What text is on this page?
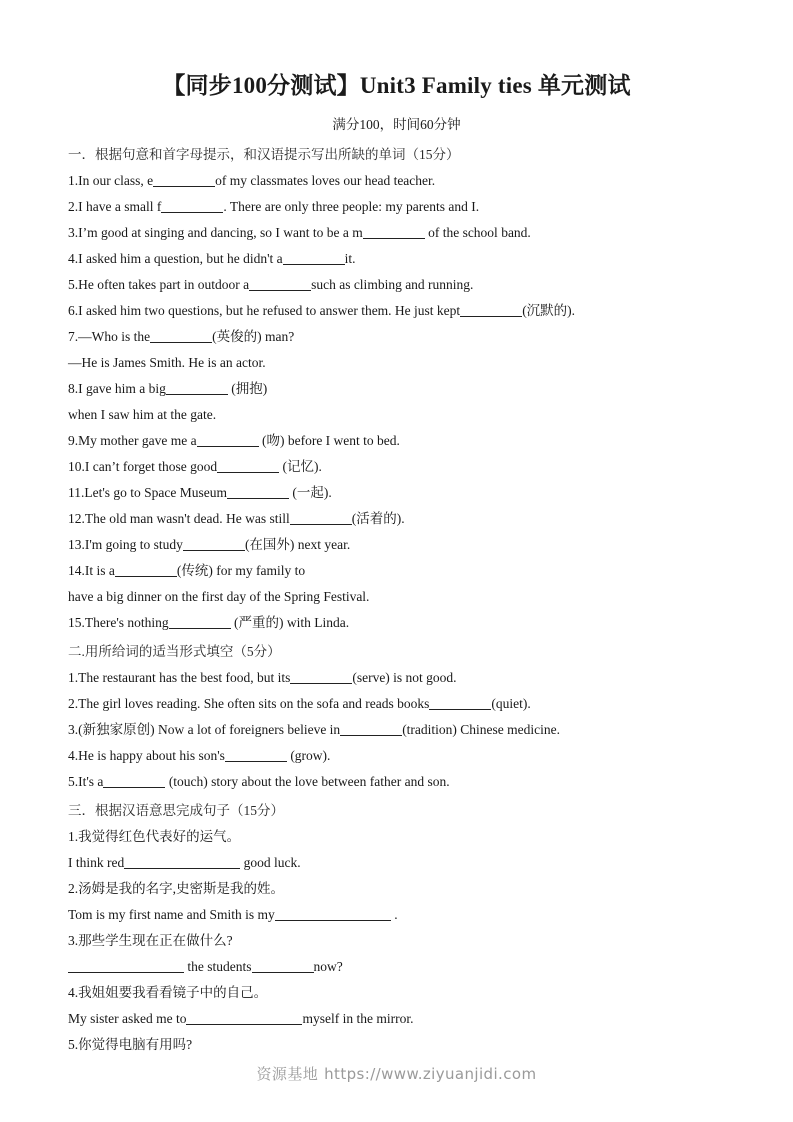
【同步100分测试】Unit3 Family ties 单元测试
满分100，时间60分钟
一．根据句意和首字母提示，和汉语提示写出所缺的单词（15分）
1.In our class, e	of my classmates loves our head teacher.
2.I have a small f	. There are only three people: my parents and I.
3.I’m good at singing and dancing, so I want to be a m	of the school band.
4.I asked him a question, but he didn't a	it.
5.He often takes part in outdoor a	such as climbing and running.
6.I asked him two questions, but he refused to answer them. He just kept	(沉默的).
7.—Who is the	(英俊的) man?
—He is James Smith. He is an actor.
8.I gave him a big	(拥抱)
when I saw him at the gate.
9.My mother gave me a	(吻) before I went to bed.
10.I can’t forget those good	(记忆).
11.Let's go to Space Museum	(一起).
12.The old man wasn't dead. He was still	(活着的).
13.I'm going to study	(在国外) next year.
14.It is a	(传统) for my family to
have a big dinner on the first day of the Spring Festival.
15.There's nothing	(严重的) with Linda.
二.用所给词的适当形式填空（5分）
1.The restaurant has the best food, but its	(serve) is not good.
2.The girl loves reading. She often sits on the sofa and reads books	(quiet).
3.(新独家原创) Now a lot of foreigners believe in	(tradition) Chinese medicine.
4.He is happy about his son's	(grow).
5.It's a	(touch) story about the love between father and son.
三．根据汉语意思完成句子（15分）
1.我觉得红色代表好的运气。
I think red	good luck.
2.汤姆是我的名字,史密斯是我的姓。
Tom is my first name and Smith is my	.
3.那些学生现在正在做什么?
the students	now?
4.我姐姐要我看看镜子中的自己。
My sister asked me to	myself in the mirror.
5.你觉得电脑有用吗?
资源基地 https://www.ziyuanjidi.com
